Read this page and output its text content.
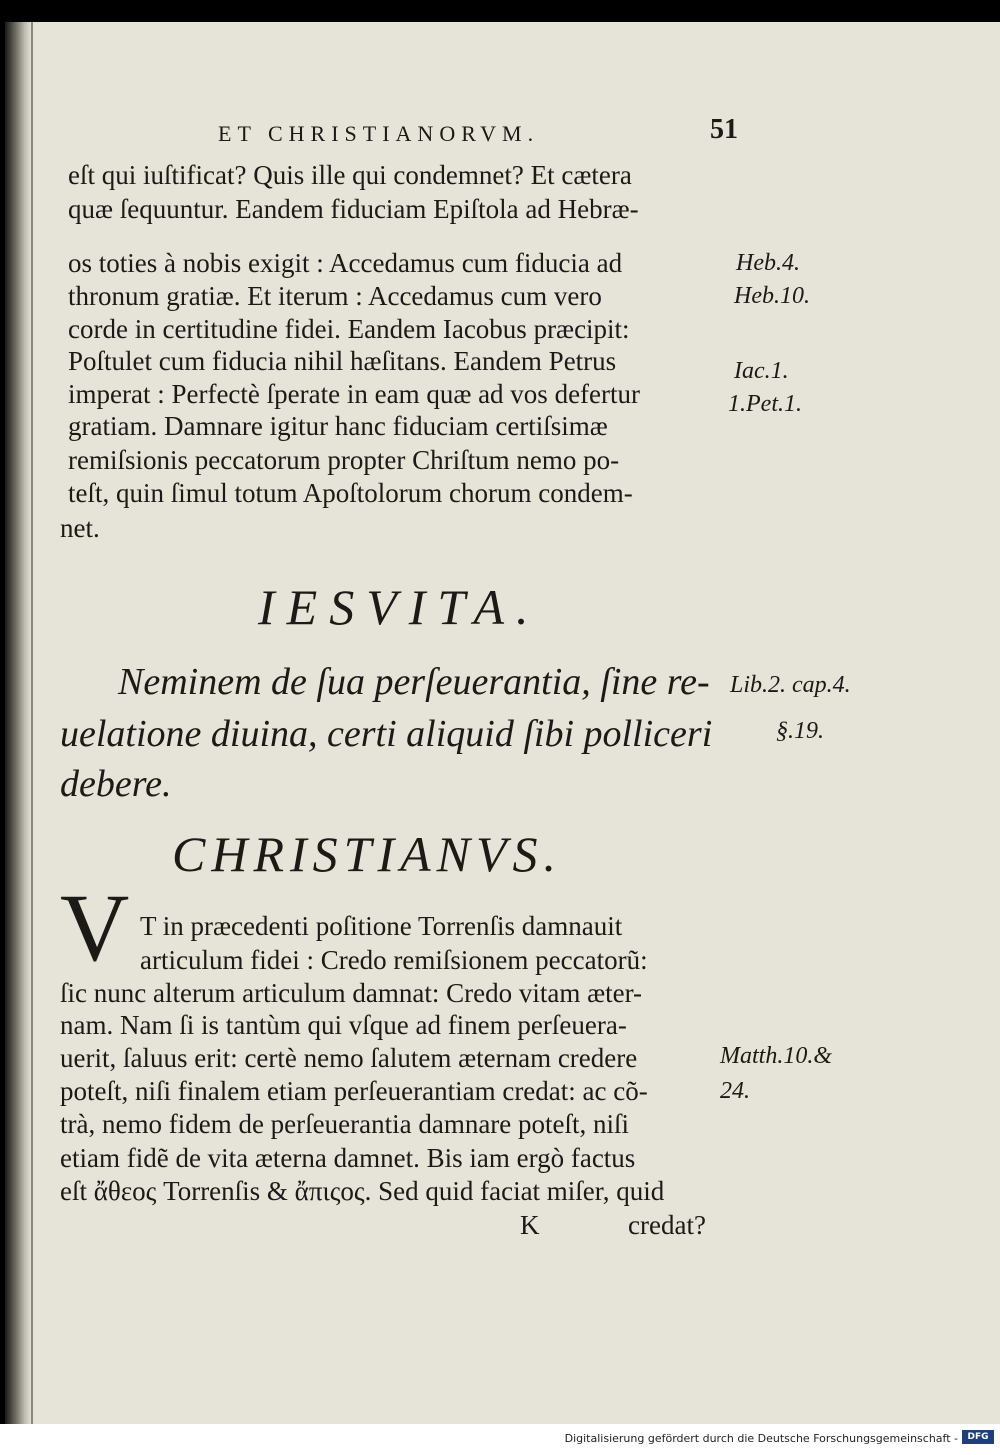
ET CHRISTIANORVM.	51
eſt qui iuſtificat? Quis ille qui condemnet? Et cætera
quæ ſequuntur. Eandem fiduciam Epiſtola ad Hebræ-
os toties à nobis exigit : Accedamus cum fiducia ad
thronum gratiæ. Et iterum : Accedamus cum vero
corde in certitudine fidei. Eandem Iacobus præcipit:
Poſtulet cum fiducia nihil hæſitans. Eandem Petrus
imperat : Perfectè ſperate in eam quæ ad vos defertur
gratiam. Damnare igitur hanc fiduciam certiſsimæ
remiſsionis peccatorum propter Chriſtum nemo po-
teſt, quin ſimul totum Apoſtolorum chorum condem-
net.
Heb.4.
Heb.10.
Iac.1.
1.Pet.1.
Lib.2. cap.4.
§.19.
Matth.10.&
24.
IESVITA.
Neminem de ſua perſeuerantia, ſine re-
uelatione diuina, certi aliquid ſibi polliceri
debere.
CHRISTIANVS.
V T in præcedenti poſitione Torrenſis damnauit
articulum fidei : Credo remiſsionem peccatorũ:
ſic nunc alterum articulum damnat: Credo vitam æter-
nam. Nam ſi is tantùm qui vſque ad finem perſeuera-
uerit, ſaluus erit: certè nemo ſalutem æternam credere
poteſt, niſi finalem etiam perſeuerantiam credat: ac cõ-
trà, nemo fidem de perſeuerantia damnare poteſt, niſi
etiam fidẽ de vita æterna damnet. Bis iam ergò factus
eſt ἄθεος Torrenſis & ἄπιςος. Sed quid faciat miſer, quid
K	credat?
Digitalisierung gefördert durch die Deutsche Forschungsgemeinschaft -	DFG
